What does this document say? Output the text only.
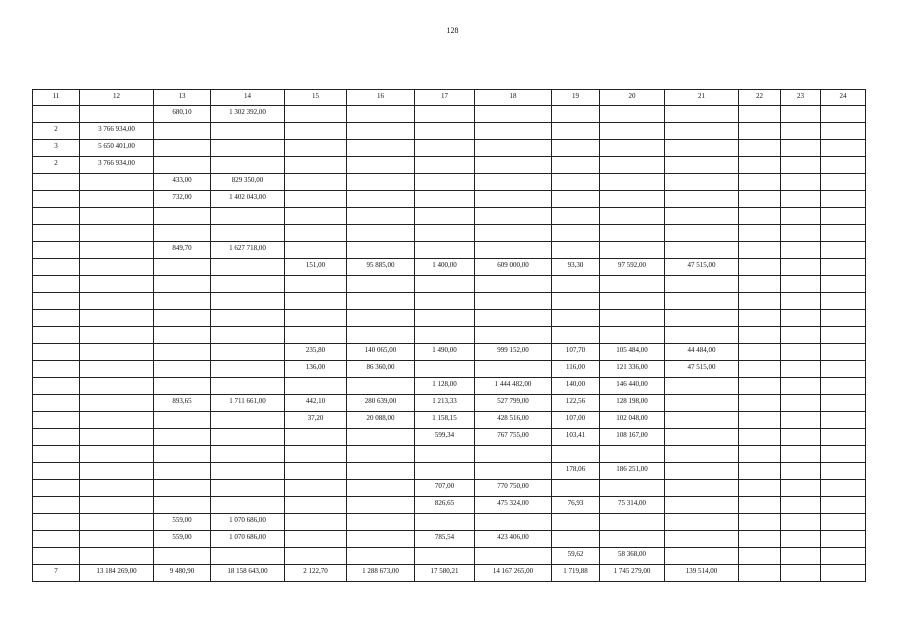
128
11	12	13	14	15	16	17	18	19	20	21	22	23	24
		680,10	1 302 392,00										
2	3 766 934,00												
3	5 650 401,00												
2	3 766 934,00												
		433,00	829 350,00										
		732,00	1 402 043,00										

		849,70	1 627 718,00										
				151,00	95 885,00	1 400,00	609 000,00	93,30	97 592,00	47 515,00			

				235,80	140 065,00	1 490,00	999 152,00	107,70	105 484,00	44 484,00			
				136,00	86 360,00			116,00	121 336,00	47 515,00			
						1 128,00	1 444 482,00	140,00	146 440,00				
		893,65	1 711 661,00	442,10	280 639,00	1 213,33	527 799,00	122,56	128 198,00				
				37,20	20 088,00	1 158,15	428 516,00	107,00	102 048,00				
						599,34	767 755,00	103,41	108 167,00				

								178,06	186 251,00				
						707,00	770 750,00						
						826,65	475 324,00	76,93	75 314,00				
		559,00	1 070 686,00										
		559,00	1 070 686,00			785,54	423 406,00						
								59,62	58 368,00				
7	13 184 269,00	9 480,90	18 158 643,00	2 122,70	1 288 673,00	17 580,21	14 167 265,00	1 719,88	1 745 279,00	139 514,00			
